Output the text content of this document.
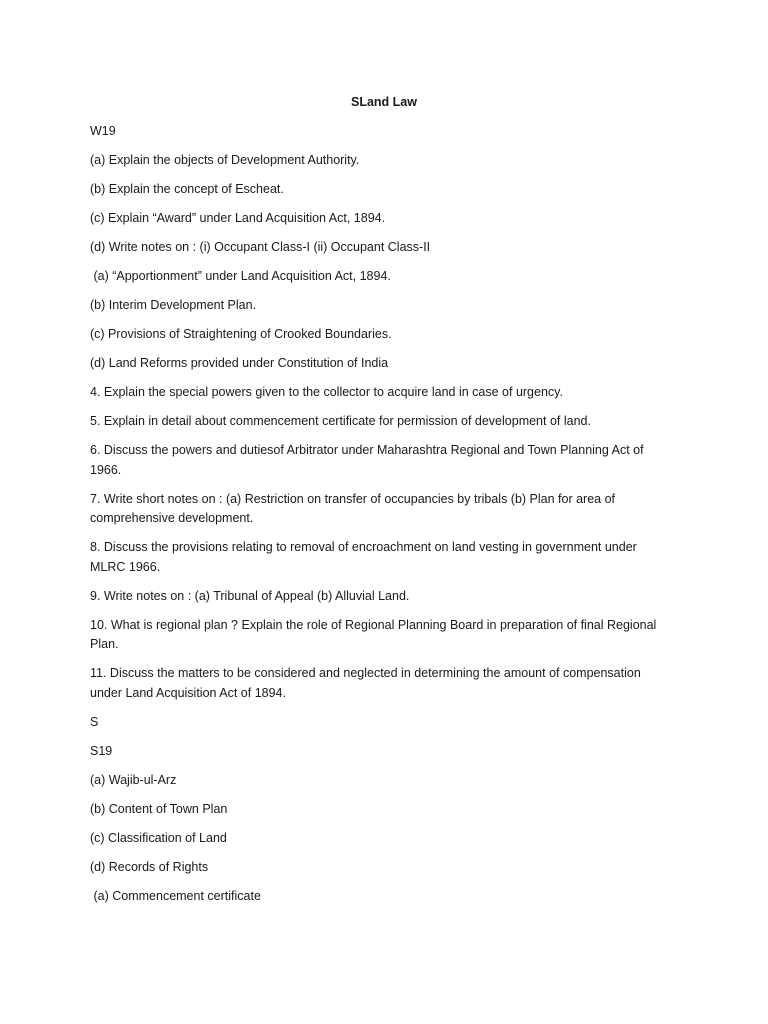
SLand Law

W19

(a) Explain the objects of Development Authority.

(b) Explain the concept of Escheat.

(c) Explain “Award” under Land Acquisition Act, 1894.

(d) Write notes on : (i) Occupant Class-I (ii) Occupant Class-II

(a) “Apportionment” under Land Acquisition Act, 1894.

(b) Interim Development Plan.

(c) Provisions of Straightening of Crooked Boundaries.

(d) Land Reforms provided under Constitution of India

4. Explain the special powers given to the collector to acquire land in case of urgency.

5. Explain in detail about commencement certificate for permission of development of land.

6. Discuss the powers and dutiesof Arbitrator under Maharashtra Regional and Town Planning Act of 1966.

7. Write short notes on : (a) Restriction on transfer of occupancies by tribals (b) Plan for area of comprehensive development.

8. Discuss the provisions relating to removal of encroachment on land vesting in government under MLRC 1966.

9. Write notes on : (a) Tribunal of Appeal (b) Alluvial Land.

10. What is regional plan ? Explain the role of Regional Planning Board in preparation of final Regional Plan.

11. Discuss the matters to be considered and neglected in determining the amount of compensation under Land Acquisition Act of 1894.

S

S19

(a) Wajib-ul-Arz

(b) Content of Town Plan

(c) Classification of Land

(d) Records of Rights

(a) Commencement certificate
